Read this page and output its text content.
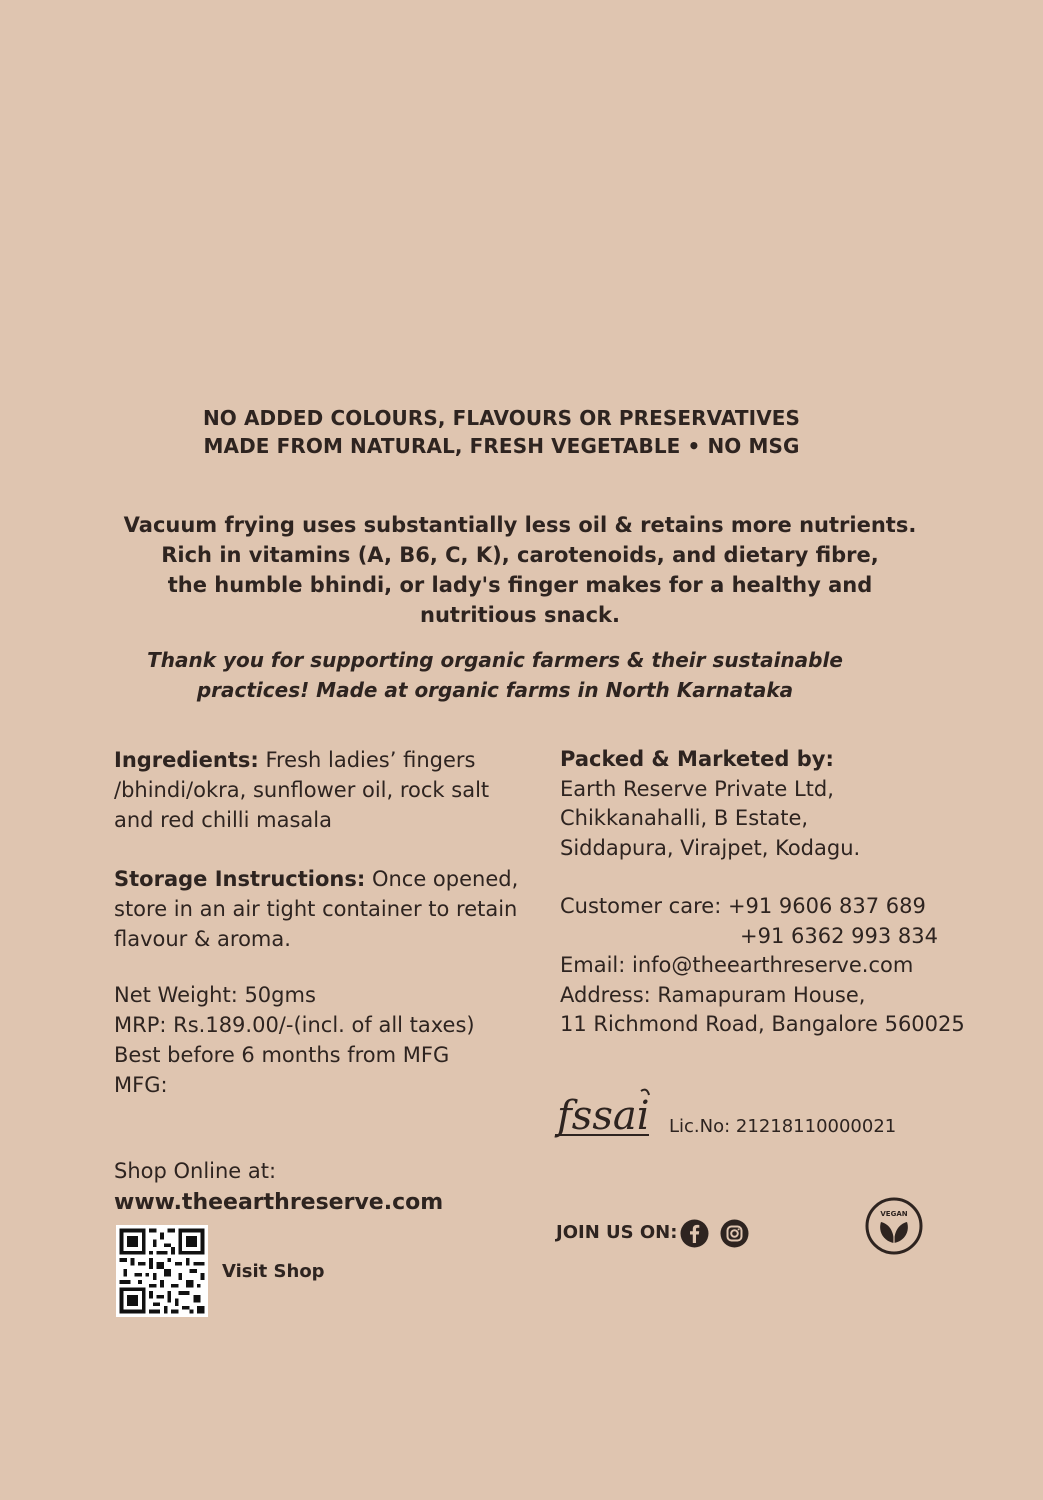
NO ADDED COLOURS, FLAVOURS OR PRESERVATIVES
MADE FROM NATURAL, FRESH VEGETABLE • NO MSG
Vacuum frying uses substantially less oil & retains more nutrients.
Rich in vitamins (A, B6, C, K), carotenoids, and dietary fibre,
the humble bhindi, or lady's finger makes for a healthy and
nutritious snack.
Thank you for supporting organic farmers & their sustainable
practices! Made at organic farms in North Karnataka
Ingredients: Fresh ladies’ fingers
/bhindi/okra, sunflower oil, rock salt
and red chilli masala
Storage Instructions: Once opened,
store in an air tight container to retain
flavour & aroma.
Net Weight: 50gms
MRP: Rs.189.00/-(incl. of all taxes)
Best before 6 months from MFG
MFG:
Packed & Marketed by:
Earth Reserve Private Ltd,
Chikkanahalli, B Estate,
Siddapura, Virajpet, Kodagu.
Customer care: +91 9606 837 689
+91 6362 993 834
Email: info@theearthreserve.com
Address: Ramapuram House,
11 Richmond Road, Bangalore 560025
fssai Lic.No: 21218110000021
Shop Online at:
www.theearthreserve.com
Visit Shop
JOIN US ON:
VEGAN
